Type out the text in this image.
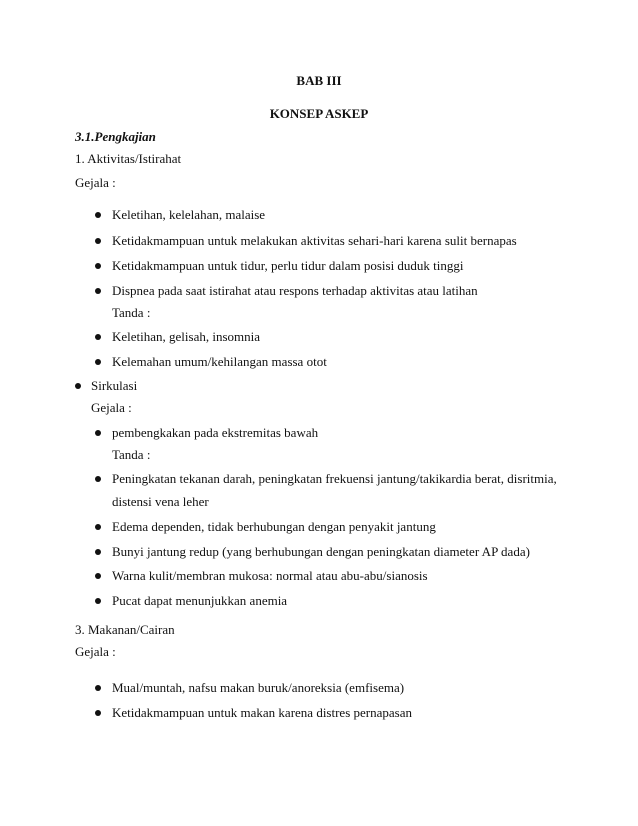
BAB III
KONSEP ASKEP
3.1.Pengkajian
1. Aktivitas/Istirahat
Gejala :
Keletihan, kelelahan, malaise
Ketidakmampuan untuk melakukan aktivitas sehari-hari karena sulit bernapas
Ketidakmampuan untuk tidur, perlu tidur dalam posisi duduk tinggi
Dispnea pada saat istirahat atau respons terhadap aktivitas atau latihan
Tanda :
Keletihan, gelisah, insomnia
Kelemahan umum/kehilangan massa otot
Sirkulasi
Gejala :
pembengkakan pada ekstremitas bawah
Tanda :
Peningkatan tekanan darah, peningkatan frekuensi jantung/takikardia berat, disritmia,
distensi vena leher
Edema dependen, tidak berhubungan dengan penyakit jantung
Bunyi jantung redup (yang berhubungan dengan peningkatan diameter AP dada)
Warna kulit/membran mukosa: normal atau abu-abu/sianosis
Pucat dapat menunjukkan anemia
3. Makanan/Cairan
Gejala :
Mual/muntah, nafsu makan buruk/anoreksia (emfisema)
Ketidakmampuan untuk makan karena distres pernapasan
